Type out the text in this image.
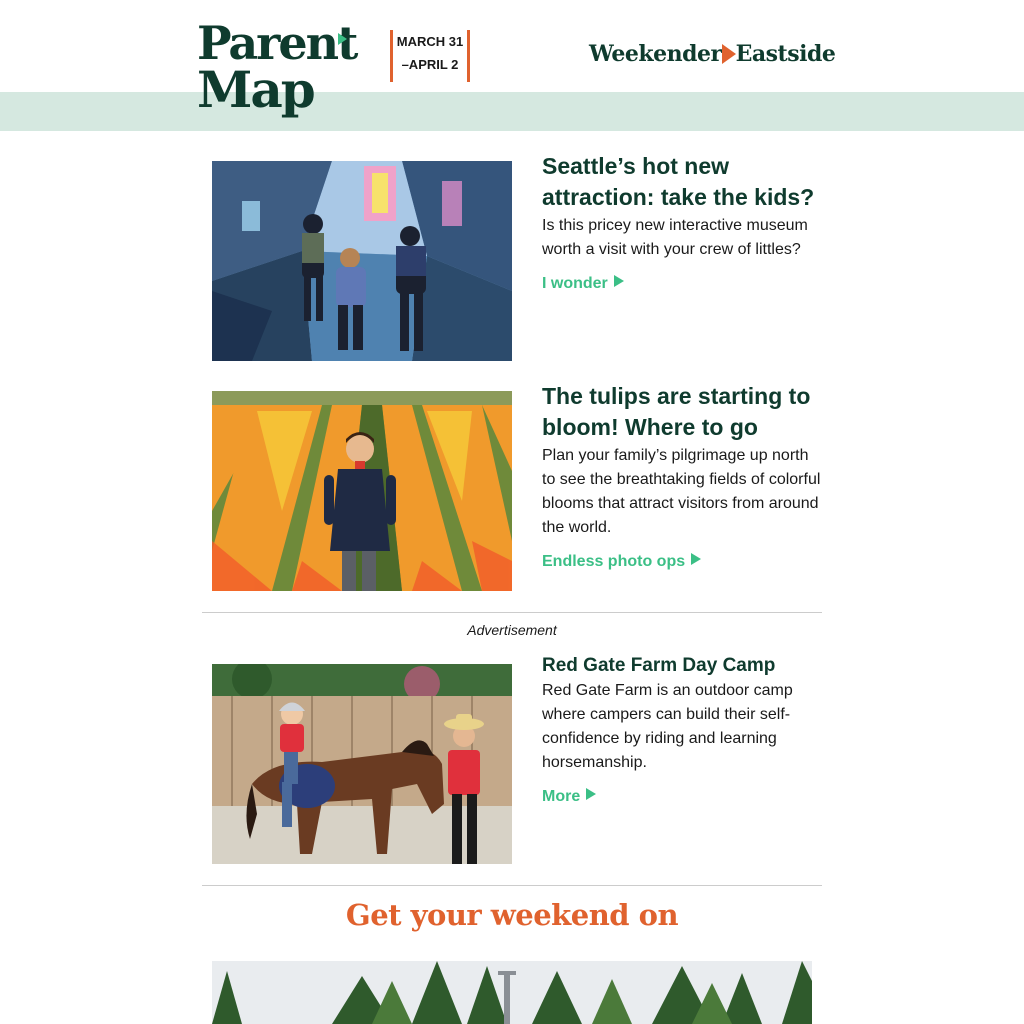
Parent
Map
MARCH 31
–APRIL 2	Weekender Eastside
Seattle’s hot new attraction: take the kids?
Is this pricey new interactive museum worth a visit with your crew of littles?
I wonder
The tulips are starting to bloom! Where to go
Plan your family’s pilgrimage up north to see the breathtaking fields of colorful blooms that attract visitors from around the world.
Endless photo ops
Advertisement
Red Gate Farm Day Camp
Red Gate Farm is an outdoor camp where campers can build their self-confidence by riding and learning horsemanship.
More
Get your weekend on
